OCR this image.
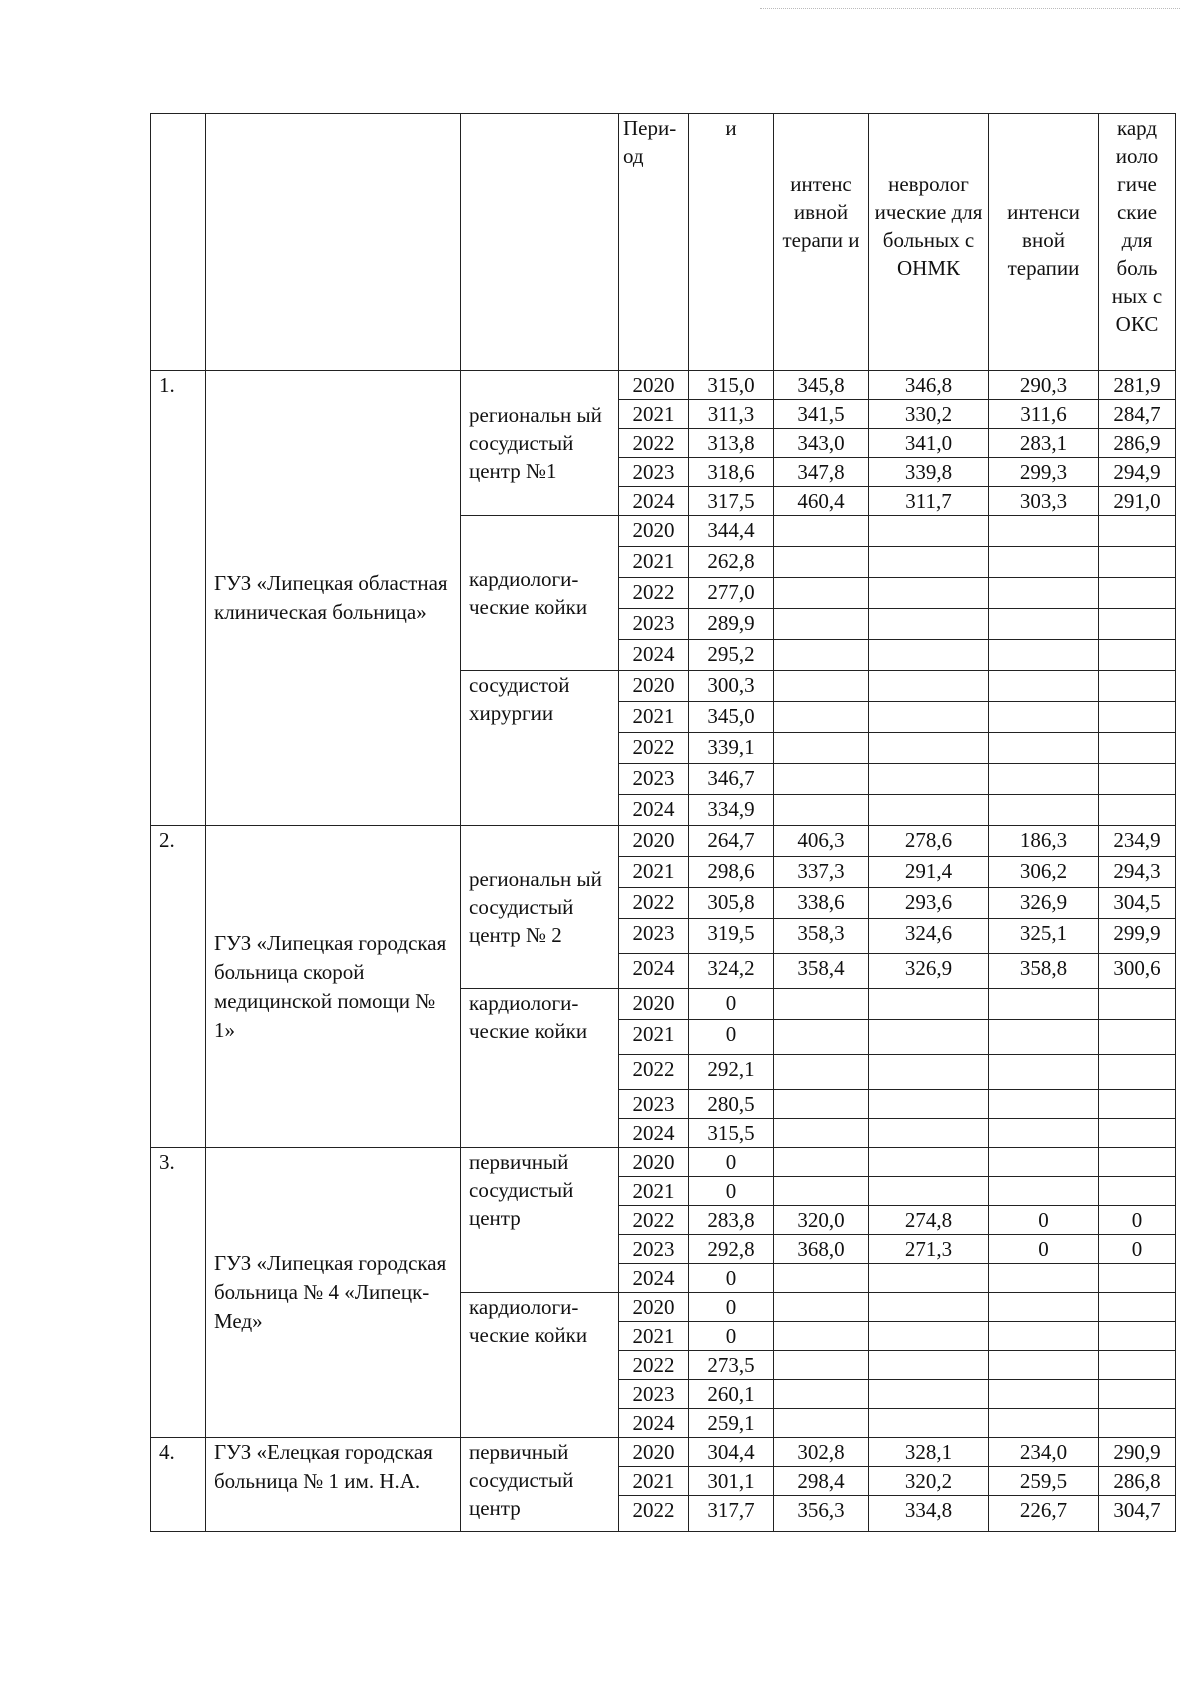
			Пери-од	и	интенс ивной терапи и	невролог ические для больных с ОНМК	интенси вной терапии	кард иоло гиче ские для боль ных с ОКС
1.	ГУЗ «Липецкая областная клиническая больница»	региональн ый сосудистый центр №1	2020	315,0	345,8	346,8	290,3	281,9
			2021	311,3	341,5	330,2	311,6	284,7
			2022	313,8	343,0	341,0	283,1	286,9
			2023	318,6	347,8	339,8	299,3	294,9
			2024	317,5	460,4	311,7	303,3	291,0
		кардиологи-ческие койки	2020	344,4				
			2021	262,8				
			2022	277,0				
			2023	289,9				
			2024	295,2				
		сосудистой хирургии	2020	300,3				
			2021	345,0				
			2022	339,1				
			2023	346,7				
			2024	334,9				
2.	ГУЗ «Липецкая городская больница скорой медицинской помощи № 1»	региональн ый сосудистый центр № 2	2020	264,7	406,3	278,6	186,3	234,9
			2021	298,6	337,3	291,4	306,2	294,3
			2022	305,8	338,6	293,6	326,9	304,5
			2023	319,5	358,3	324,6	325,1	299,9
			2024	324,2	358,4	326,9	358,8	300,6
		кардиологи-ческие койки	2020	0				
			2021	0				
			2022	292,1				
			2023	280,5				
			2024	315,5				
3.	ГУЗ «Липецкая городская больница № 4 «Липецк-Мед»	первичный сосудистый центр	2020	0				
			2021	0				
			2022	283,8	320,0	274,8	0	0
			2023	292,8	368,0	271,3	0	0
			2024	0				
		кардиологи-ческие койки	2020	0				
			2021	0				
			2022	273,5				
			2023	260,1				
			2024	259,1				
4.	ГУЗ «Елецкая городская больница № 1 им. Н.А.	первичный сосудистый центр	2020	304,4	302,8	328,1	234,0	290,9
			2021	301,1	298,4	320,2	259,5	286,8
			2022	317,7	356,3	334,8	226,7	304,7
